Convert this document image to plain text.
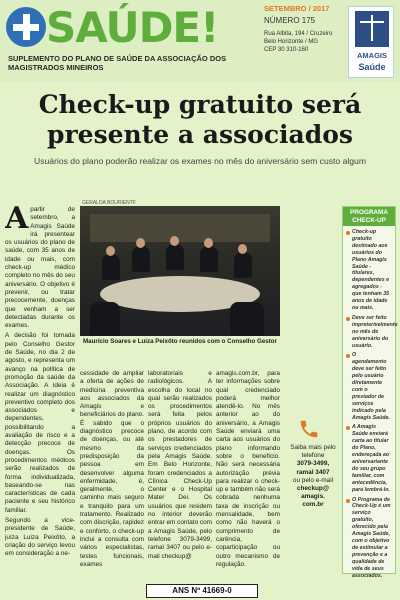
SAÚDE!
SUPLEMENTO DO PLANO DE SAÚDE DA ASSOCIAÇÃO DOS MAGISTRADOS MINEIROS
SETEMBRO / 2017
NÚMERO 175
Rua Albita, 194 / Cruzeiro
Belo Horizonte / MG
CEP 30 310-160
AMAGIS
Saúde
Check-up gratuito será presente a associados
Usuários do plano poderão realizar os exames no mês do aniversário sem custo algum
A partir de setembro, a Amagis Saúde irá presentear os usuários do plano de saúde, com 35 anos de idade ou mais, com check-up médico completo no mês do seu aniversário. O objetivo é prevenir, ou tratar precocemente, doenças que venham a ser detectadas durante os exames.
A decisão foi tomada pelo Conselho Gestor de Saúde, no dia 2 de agosto, e representa um avanço na política de promoção da saúde da Associação. A ideia é realizar um diagnóstico preventivo completo dos associados e dependentes, possibilitando a avaliação de risco e a detecção precoce de doenças. Os procedimentos médicos serão realizados de forma individualizada, baseando-se nas características de cada paciente e seu histórico familiar.
Segundo a vice-presidente de Saúde, juíza Luiza Peixôto, a criação do serviço levou em consideração a ne-
GERALDA BOURIENTF
Maurício Soares e Luiza Peixôto reunidos com o Conselho Gestor
cessidade de ampliar a oferta de ações de medicina preventiva aos associados da Amagis e beneficiários do plano. É sabido que o diagnóstico precoce de doenças, ou até mesmo da predisposição da pessoa em desenvolver alguma enfermidade, é, geralmente, o caminho mais seguro e tranquilo para um tratamento. Realizado com discrição, rapidez e conforto, o check-up inclui a consulta com vários especialistas, testes funcionais, exames
laboratoriais e radiológicos. A escolha do local no qual serão realizados os procedimentos será feita pelos próprios usuários do plano, de acordo com os prestadores de serviços credenciados pela Amagis Saúde. Em Belo Horizonte, foram credenciados a Clínica Check-Up Center e o Hospital Mater Dei. Os usuários que residem no interior deverão entrar em contato com a Amagis Saúde, pelo telefone 3079-3499, ramal 3407 ou pelo e-mail checkup@
amagis.com.br, para ter informações sobre qual credenciado poderá melhor atendê-lo. No mês anterior ao do aniversário, a Amagis Saúde enviará uma carta aos usuários do plano informando sobre o benefício. Não será necessária autorização prévia para realizar o check-up e também não será cobrada nenhuma taxa de inscrição ou mensalidade, bem como não haverá o cumprimento de carência, coparticipação ou outro mecanismo de regulação.
Saiba mais pelo telefone
3079-3499,
ramal 3407
ou pelo e-mail
checkup@
amagis.
com.br
PROGRAMA CHECK-UP
Check-up gratuito destinado aos usuários do Plano Amagis Saúde - titulares, dependentes e agregados - que tenham 35 anos de idade ou mais.
Deve ser feito impreterivelmente no mês de aniversário do usuário.
O agendamento deve ser feito pelo usuário diretamente com o prestador de serviços indicado pela Amagis Saúde.
A Amagis Saúde enviará carta ao titular do Plano, endereçada ao aniversariante do seu grupo familiar, com antecedência, para lembrá-lo.
O Programa de Check-Up é um serviço gratuito, oferecido pela Amagis Saúde, com o objetivo de estimular a prevenção e a qualidade de vida de seus associados.
ANS Nº 41669-0
